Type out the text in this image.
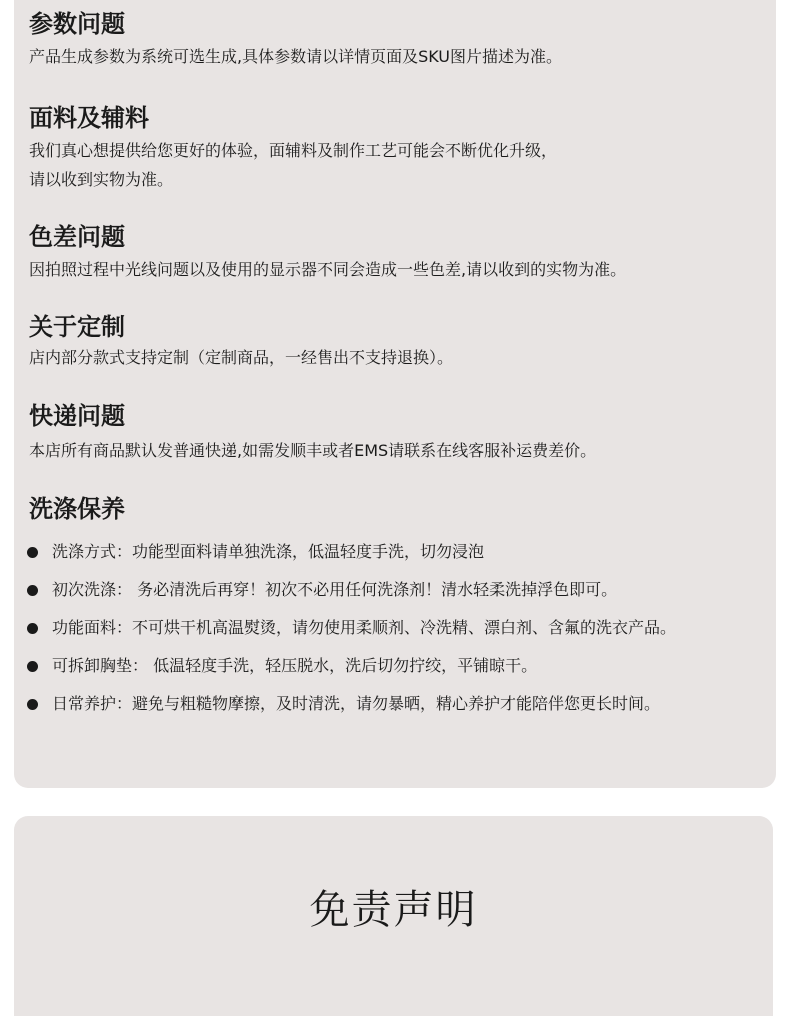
参数问题

产品生成参数为系统可选生成,具体参数请以详情页面及SKU图片描述为准。

面料及辅料

我们真心想提供给您更好的体验，面辅料及制作工艺可能会不断优化升级，
请以收到实物为准。

色差问题

因拍照过程中光线问题以及使用的显示器不同会造成一些色差,请以收到的实物为准。

关于定制

店内部分款式支持定制（定制商品，一经售出不支持退换）。

快递问题

本店所有商品默认发普通快递,如需发顺丰或者EMS请联系在线客服补运费差价。

洗涤保养
洗涤方式：功能型面料请单独洗涤，低温轻度手洗，切勿浸泡
初次洗涤： 务必清洗后再穿！初次不必用任何洗涤剂！清水轻柔洗掉浮色即可。
功能面料：不可烘干机高温熨烫，请勿使用柔顺剂、冷洗精、漂白剂、含氟的洗衣产品。
可拆卸胸垫： 低温轻度手洗，轻压脱水，洗后切勿拧绞，平铺晾干。
日常养护：避免与粗糙物摩擦，及时清洗，请勿暴晒，精心养护才能陪伴您更长时间。
免责声明
